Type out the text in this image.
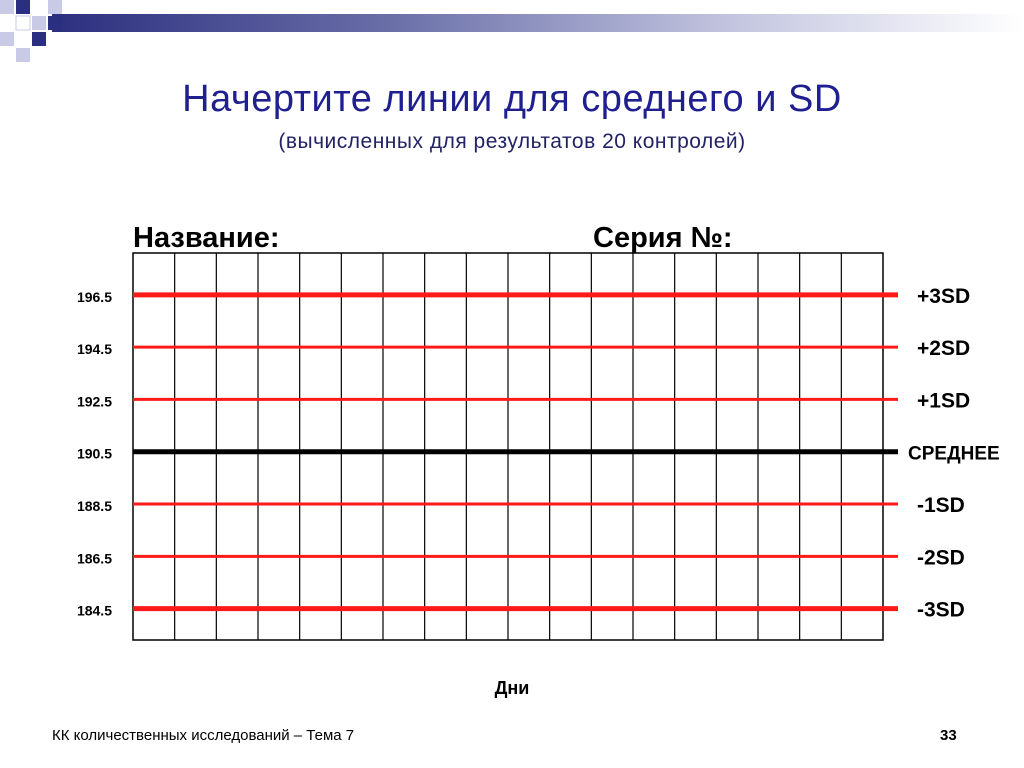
Начертите линии для среднего и SD
(вычисленных для результатов 20 контролей)
Название:	Серия №:
196.5	+3SD
194.5	+2SD
192.5	+1SD
190.5	СРЕДНЕЕ
188.5	-1SD
186.5	-2SD
184.5	-3SD
Дни
КК количественных исследований – Тема 7	33
